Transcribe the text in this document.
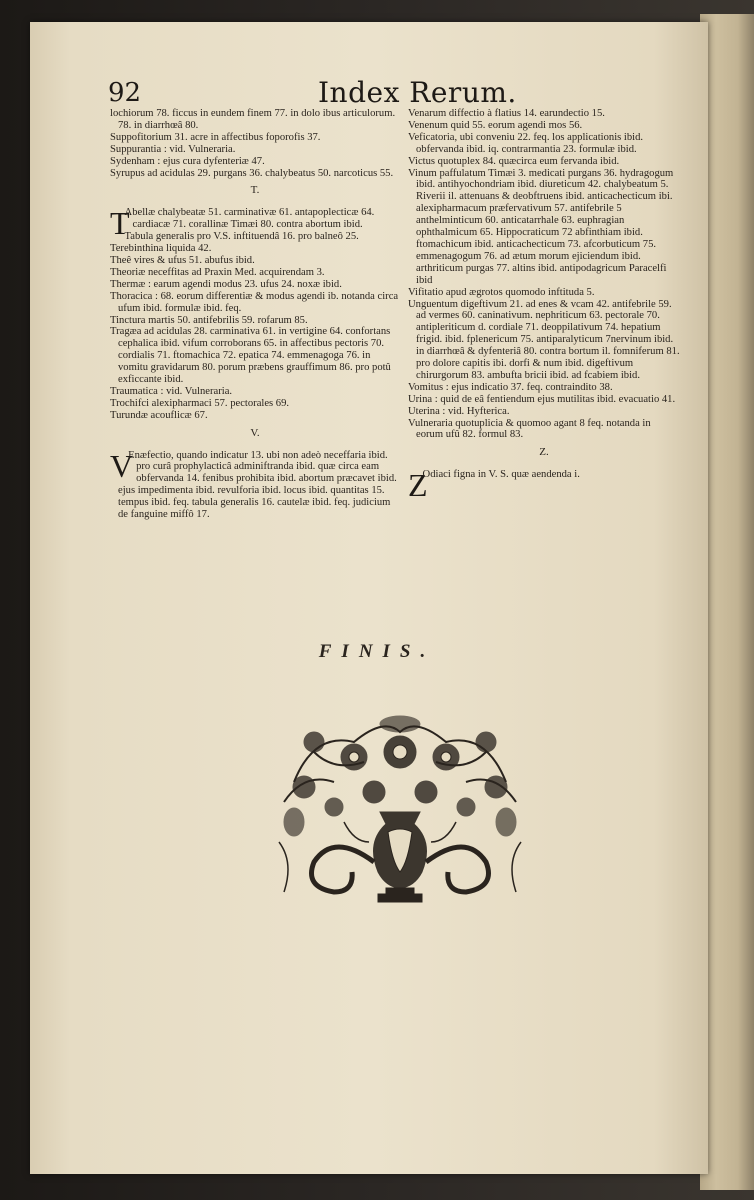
92	Index Rerum.

lochiorum 78. ficcus in eundem finem 77. in dolo ibus articulorum. 78. in diarrhœâ 80.

Suppofitorium 31. acre in affectibus foporofis 37.

Suppurantia : vid. Vulneraria.

Sydenham : ejus cura dyfenteriæ 47.

Syrupus ad acidulas 29. purgans 36. chalybeatus 50. narcoticus 55.

T.
T

Abellæ chalybeatæ 51. carminativæ 61. antapoplecticæ 64. cardiacæ 71. corallinæ Timæi 80. contra abortum ibid.

Tabula generalis pro V.S. inftituendâ 16. pro balneô 25.

Terebinthina liquida 42.

Theê vires & ufus 51. abufus ibid.

Theoriæ neceffitas ad Praxin Med. acquirendam 3.

Thermæ : earum agendi modus 23. ufus 24. noxæ ibid.

Thoracica : 68. eorum differentiæ & modus agendi ib. notanda circa ufum ibid. formulæ ibid. feq.

Tinctura martis 50. antifebrilis 59. rofarum 85.

Tragæa ad acidulas 28. carminativa 61. in vertigine 64. confortans cephalica ibid. vifum corroborans 65. in affectibus pectoris 70. cordialis 71. ftomachica 72. epatica 74. emmenagoga 76. in vomitu gravidarum 80. porum præbens grauffimum 86. pro potû exficcante ibid.

Traumatica : vid. Vulneraria.

Trochifci alexipharmaci 57. pectorales 69.

Turundæ acouflicæ 67.

V.
V

Enæfectio, quando indicatur 13. ubi non adeò neceffaria ibid. pro curâ prophylacticâ adminiftranda ibid. quæ circa eam obfervanda 14. fenibus prohibita ibid. abortum præcavet ibid. ejus impedimenta ibid. revulforia ibid. locus ibid. quantitas 15. tempus ibid. feq. tabula generalis 16. cautelæ ibid. feq. judicium de fanguine miffô 17.

Venarum diffectio à flatius 14. earundectio 15.

Venenum quid 55. eorum agendi mos 56.

Veficatoria, ubi conveniu 22. feq. los applicationis ibid. obfervanda ibid. iq. contrarmantia 23. formulæ ibid.

Victus quotuplex 84. quæcirca eum fervanda ibid.

Vinum paffulatum Timæi 3. medicati purgans 36. hydragogum ibid. antihyochondriam ibid. diureticum 42. chalybeatum 5. Riverii il. attenuans & deobftruens ibid. anticachecticum ibi. alexipharmacum præfervativum 57. antifebrile 5 anthelminticum 60. anticatarrhale 63. euphragian ophthalmicum 65. Hippocraticum 72 abfinthiam ibid. ftomachicum ibid. anticachecticum 73. afcorbuticum 75. emmenagogum 76. ad ætum morum ejiciendum ibid. arthriticum purgas 77. altins ibid. antipodagricum Paracelfi ibid

Vifitatio apud ægrotos quomodo inftituda 5.

Unguentum digeftivum 21. ad enes & vcam 42. antifebrile 59. ad vermes 60. caninativum. nephriticum 63. pectorale 70. antipleriticum d. cordiale 71. deoppilativum 74. hepatium frigid. ibid. fplenericum 75. antiparalyticum 7nervinum ibid. in diarrhœâ & dyfenteriâ 80. contra bortum il. fomniferum 81. pro dolore capitis ibi. dorfi & num ibid. digeftivum chirurgorum 83. ambufta bricii ibid. ad fcabiem ibid.

Vomitus : ejus indicatio 37. feq. contraindito 38.

Urina : quid de eâ fentiendum ejus mutilitas ibid. evacuatio 41.

Uterina : vid. Hyfterica.

Vulneraria quotuplicia & quomoo agant 8 feq. notanda in eorum ufû 82. formul 83.

Z.
Z

Odiaci figna in V. S. quæ aendenda i.

FINIS.
